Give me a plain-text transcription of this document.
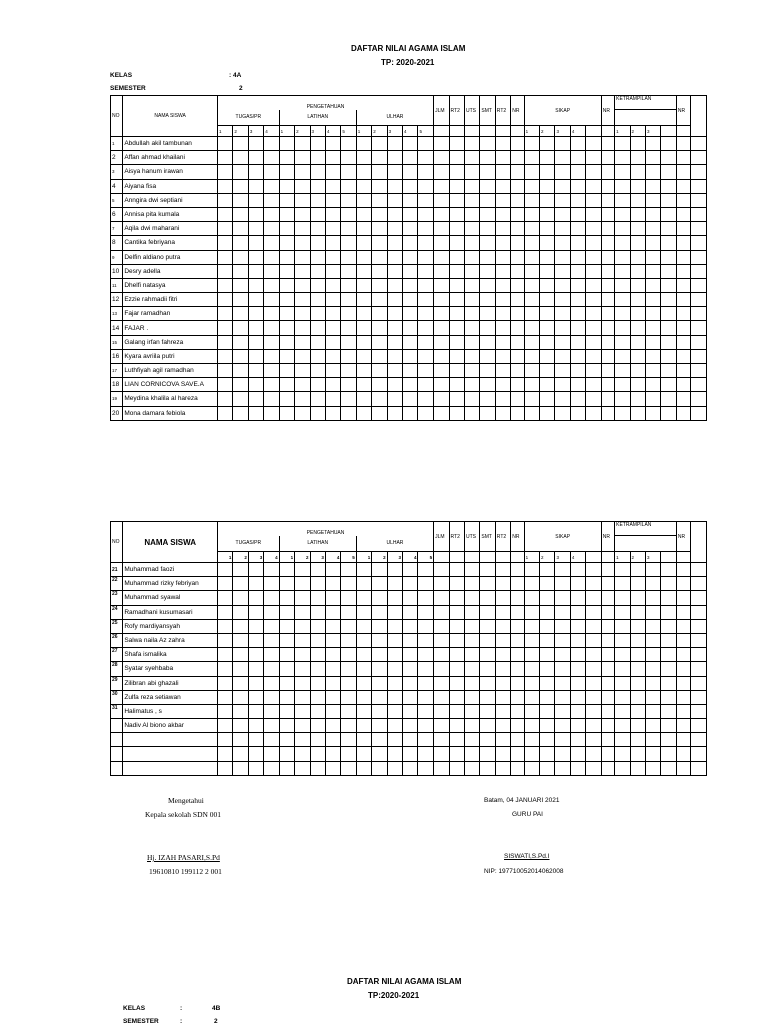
DAFTAR NILAI AGAMA ISLAM
TP: 2020-2021
KELAS	: 4A
SEMESTER	2
NO	NAMA SISWA	PENGETAHUAN														JLM	RT2	UTS	SMT	RT2	NR	SIKAP					NR	KETRAMPILAN				NR	
		TUGAS/PR				LATIHAN					ULHAR																						
		1	2	3	4	1	2	3	4	5	1	2	3	4	5							1	2	3	4			1	2	3			
1	Abdullah akil tambunan																																
2	Affan ahmad khailani																																
3	Aisya hanum irawan																																
4	Aiyana fisa																																
5	Anngira dwi septiani																																
6	Annisa pita kumala																																
7	Aqila dwi maharani																																
8	Cantika febriyana																																
9	Delfin aldiano putra																																
10	Desry adella																																
11	Dhelfi natasya																																
12	Ezzie rahmadii fitri																																
13	Fajar ramadhan																																
14	FAJAR .																																
15	Galang irfan fahreza																																
16	Kyara avriila putri																																
17	Luthfiyah agil ramadhan																																
18	LIAN CORNICOVA SAVE.A																																
19	Meydina khalila al hareza																																
20	Mona damara febiola																																
NO	NAMA SISWA	PENGETAHUAN														JLM	RT2	UTS	SMT	RT2	NR	SIKAP					NR	KETRAMPILAN				NR	
		TUGAS/PR				LATIHAN					ULHAR																						
		1	2	3	4	1	2	3	4	5	1	2	3	4	5							1	2	3	4			1	2	3			
21	Muhammad faozi																																
22	Muhammad rizky febriyan																																
23	Muhammad syawal																																
24	Ramadhani kusumasari																																
25	Rofy mardiyansyah																																
26	Salwa naila Az zahra																																
27	Shafa ismalika																																
28	Syatar syehbaba																																
29	Zilibran abi ghazali																																
30	Zulfa reza setiawan																																
31	Halimatus , s																																
	Nadiv Al biono akbar																																

Mengetahui
Kepala sekolah SDN 001
Hj. IZAH PASARI,S.Pd
19610810 199112 2 001
Batam, 04 JANUARI 2021
GURU PAI
SISWATI,S.Pd.I
NIP: 197710052014062008
DAFTAR NILAI AGAMA ISLAM
TP:2020-2021
KELAS	:	4B
SEMESTER	:	2
